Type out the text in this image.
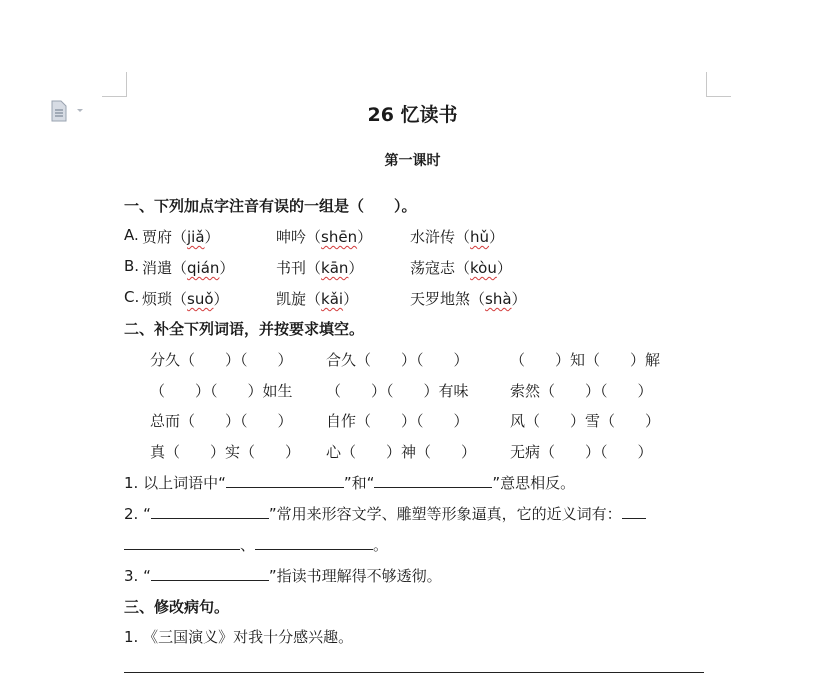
26 忆读书
第一课时
一、下列加点字注音有误的一组是（　　）。
A. 贾府（jiǎ）	呻吟（shēn）	水浒传（hǔ）
B. 消遣（qián）	书刊（kān）	荡寇志（kòu）
C. 烦琐（suǒ）	凯旋（kǎi）	天罗地煞（shà）
二、补全下列词语，并按要求填空。
分久（　　）（　　） 合久（　　）（　　）	（　　）知（　　）解
（　　）（　　）如生 （　　）（　　）有味	索然（　　）（　　）
总而（　　）（　　） 自作（　　）（　　）	风（　　）雪（　　）
真（　　）实（　　） 心（　　）神（　　） 无病（　　）（　　）
1. 以上词语中“	”和“	”意思相反。
2. “	”常用来形容文学、雕塑等形象逼真，它的近义词有：
、	。
3. “	”指读书理解得不够透彻。
三、修改病句。
1. 《三国演义》对我十分感兴趣。
